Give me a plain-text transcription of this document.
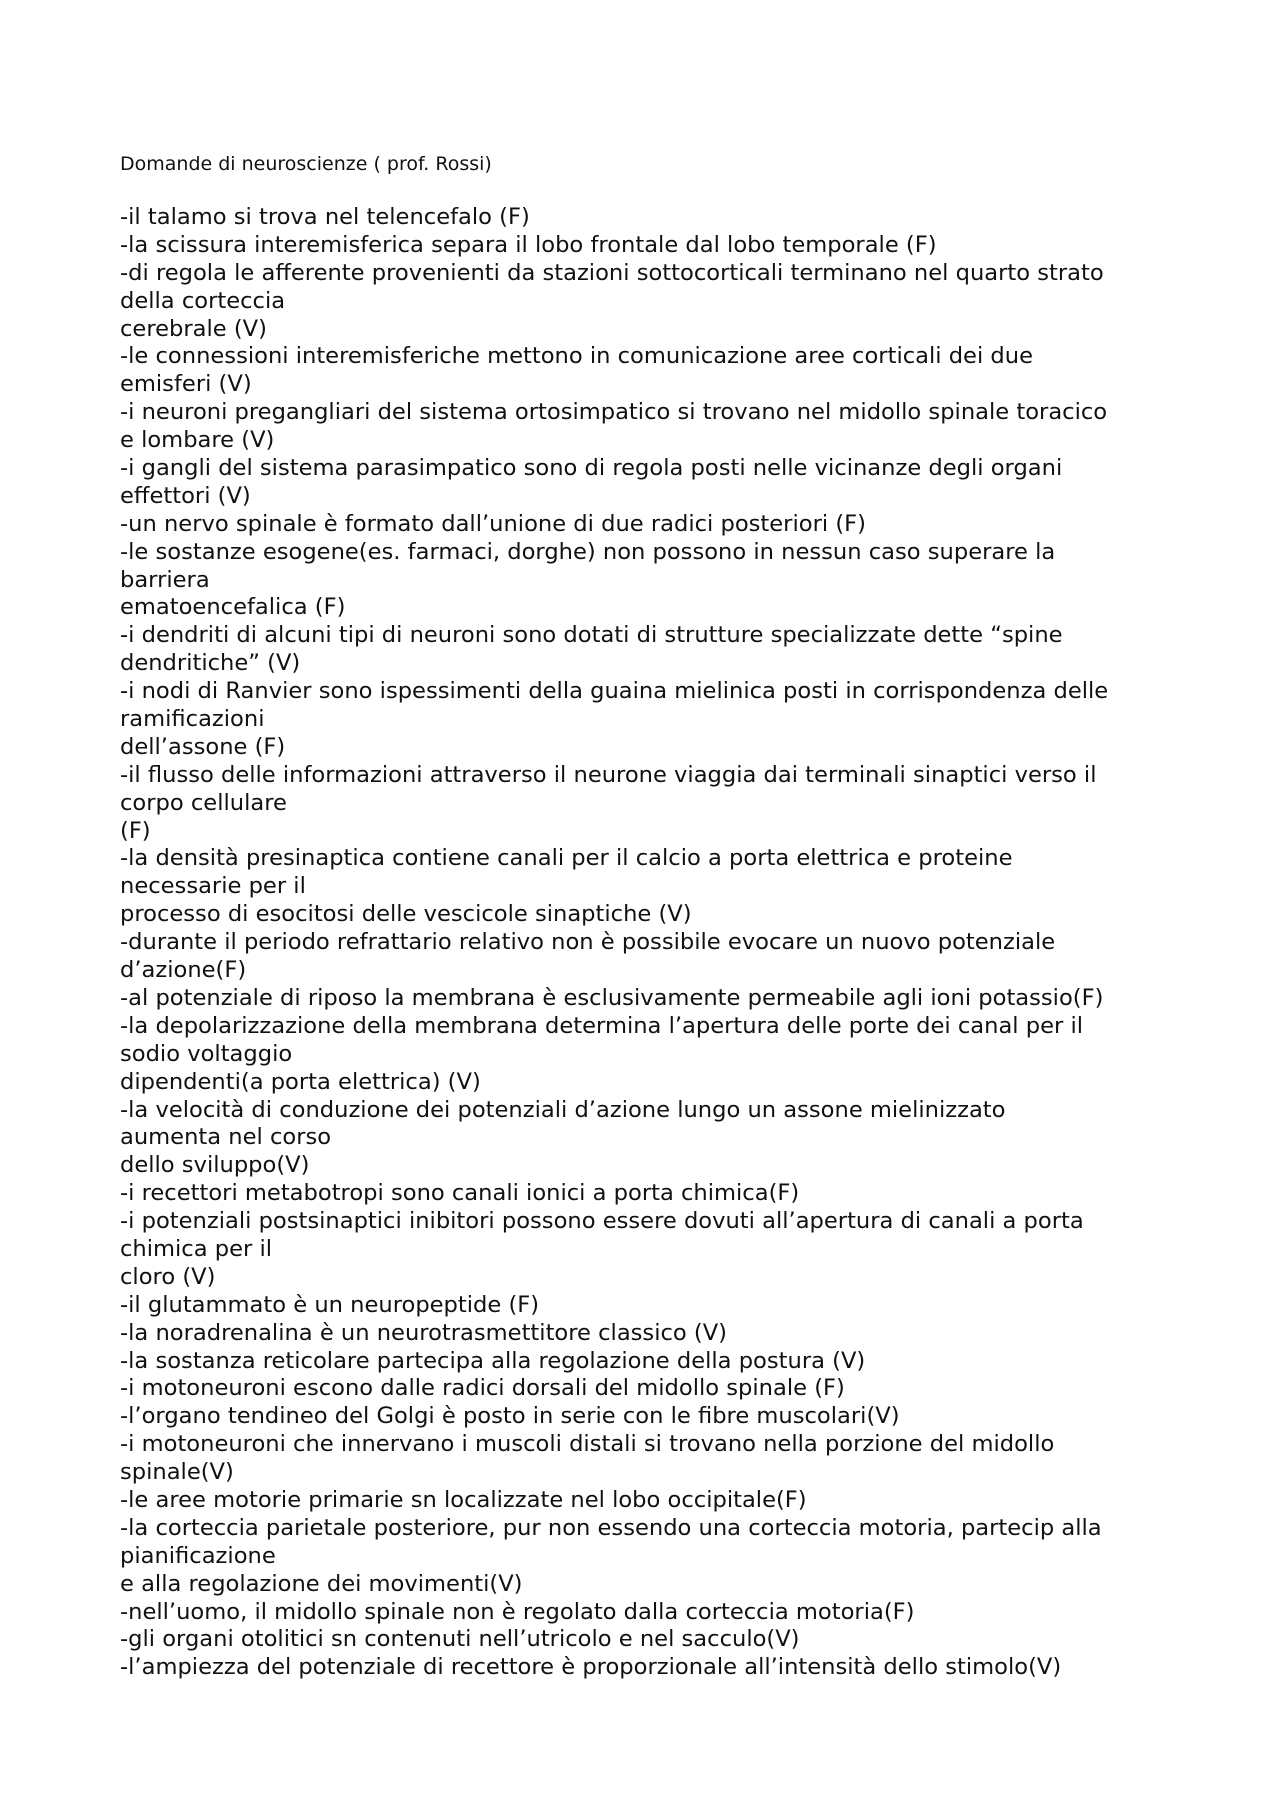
Domande di neuroscienze ( prof. Rossi)
-il talamo si trova nel telencefalo (F)
-la scissura interemisferica separa il lobo frontale dal lobo temporale (F)
-di regola le afferente provenienti da stazioni sottocorticali terminano nel quarto strato
della corteccia
cerebrale (V)
-le connessioni interemisferiche mettono in comunicazione aree corticali dei due
emisferi (V)
-i neuroni pregangliari del sistema ortosimpatico si trovano nel midollo spinale toracico
e lombare (V)
-i gangli del sistema parasimpatico sono di regola posti nelle vicinanze degli organi
effettori (V)
-un nervo spinale è formato dall’unione di due radici posteriori (F)
-le sostanze esogene(es. farmaci, dorghe) non possono in nessun caso superare la
barriera
ematoencefalica (F)
-i dendriti di alcuni tipi di neuroni sono dotati di strutture specializzate dette “spine
dendritiche” (V)
-i nodi di Ranvier sono ispessimenti della guaina mielinica posti in corrispondenza delle
ramificazioni
dell’assone (F)
-il flusso delle informazioni attraverso il neurone viaggia dai terminali sinaptici verso il
corpo cellulare
(F)
-la densità presinaptica contiene canali per il calcio a porta elettrica e proteine
necessarie per il
processo di esocitosi delle vescicole sinaptiche (V)
-durante il periodo refrattario relativo non è possibile evocare un nuovo potenziale
d’azione(F)
-al potenziale di riposo la membrana è esclusivamente permeabile agli ioni potassio(F)
-la depolarizzazione della membrana determina l’apertura delle porte dei canal per il
sodio voltaggio
dipendenti(a porta elettrica) (V)
-la velocità di conduzione dei potenziali d’azione lungo un assone mielinizzato
aumenta nel corso
dello sviluppo(V)
-i recettori metabotropi sono canali ionici a porta chimica(F)
-i potenziali postsinaptici inibitori possono essere dovuti all’apertura di canali a porta
chimica per il
cloro (V)
-il glutammato è un neuropeptide (F)
-la noradrenalina è un neurotrasmettitore classico (V)
-la sostanza reticolare partecipa alla regolazione della postura (V)
-i motoneuroni escono dalle radici dorsali del midollo spinale (F)
-l’organo tendineo del Golgi è posto in serie con le fibre muscolari(V)
-i motoneuroni che innervano i muscoli distali si trovano nella porzione del midollo
spinale(V)
-le aree motorie primarie sn localizzate nel lobo occipitale(F)
-la corteccia parietale posteriore, pur non essendo una corteccia motoria, partecip alla
pianificazione
e alla regolazione dei movimenti(V)
-nell’uomo, il midollo spinale non è regolato dalla corteccia motoria(F)
-gli organi otolitici sn contenuti nell’utricolo e nel sacculo(V)
-l’ampiezza del potenziale di recettore è proporzionale all’intensità dello stimolo(V)
